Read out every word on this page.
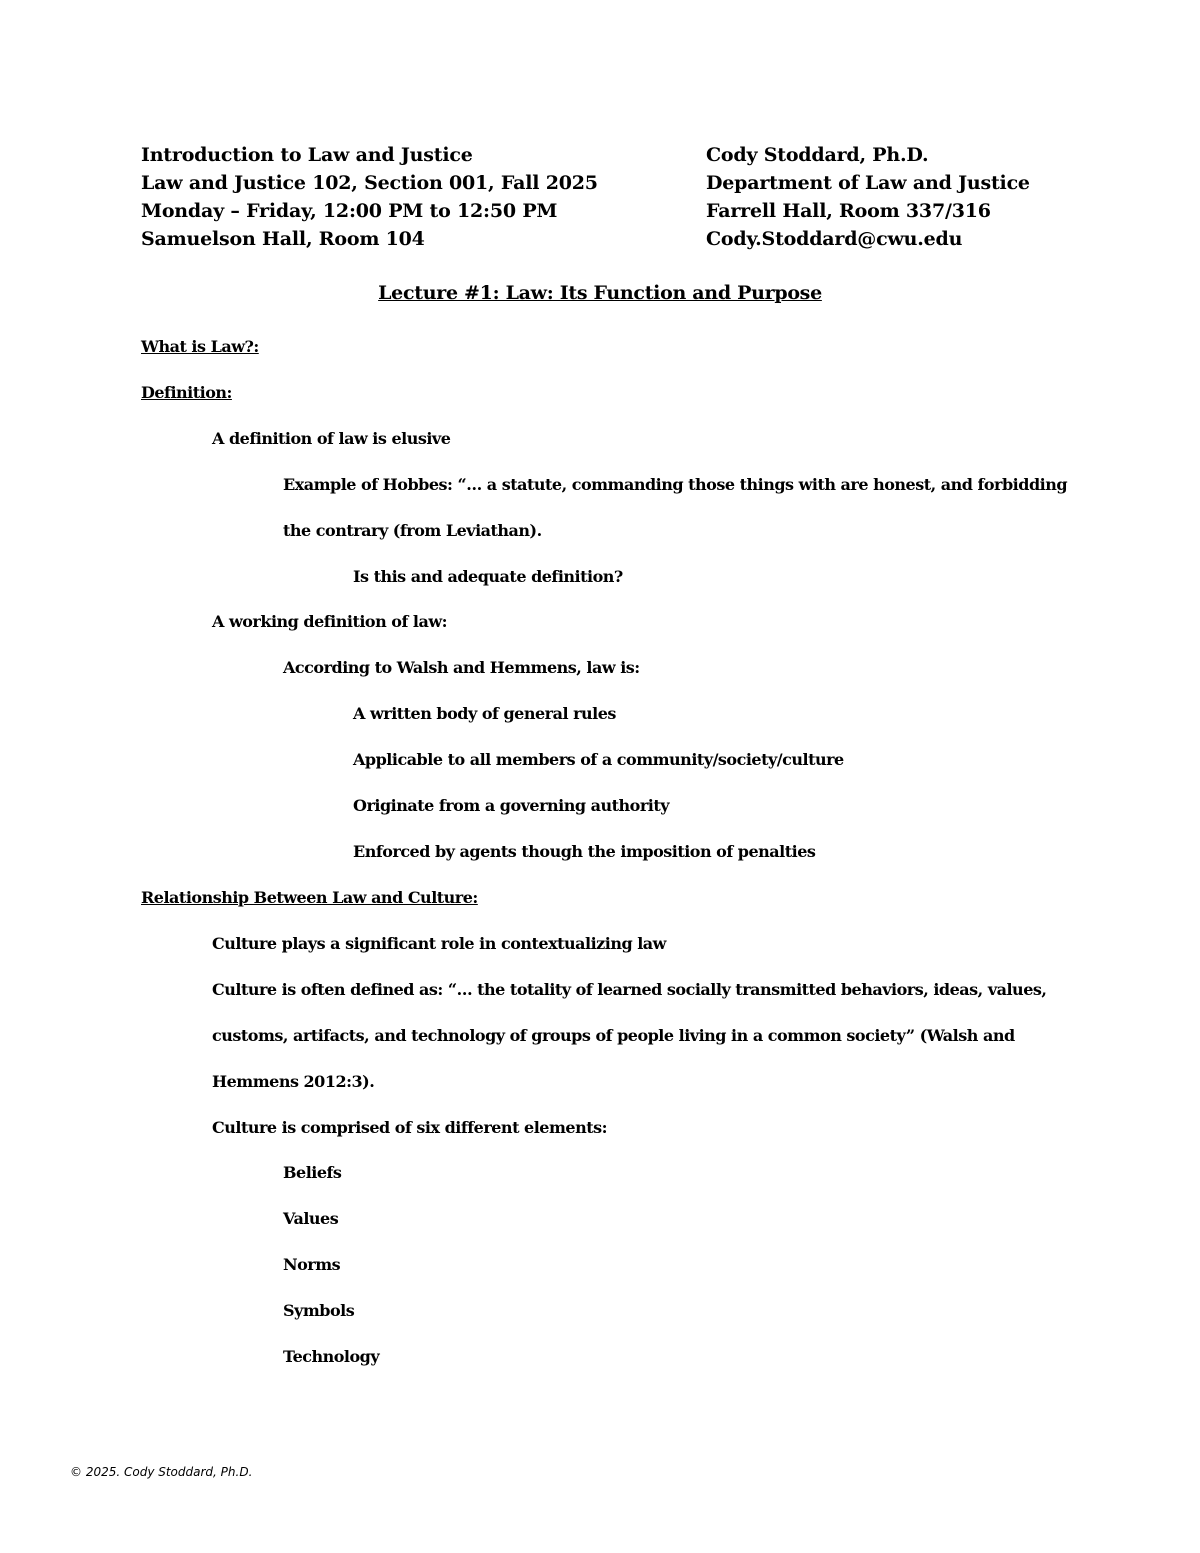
Introduction to Law and Justice
Law and Justice 102, Section 001, Fall 2025
Monday – Friday, 12:00 PM to 12:50 PM
Samuelson Hall, Room 104
Cody Stoddard, Ph.D.
Department of Law and Justice
Farrell Hall, Room 337/316
Cody.Stoddard@cwu.edu
Lecture #1: Law: Its Function and Purpose
What is Law?:
Definition:
A definition of law is elusive
Example of Hobbes: “… a statute, commanding those things with are honest, and forbidding
the contrary (from Leviathan).
Is this and adequate definition?
A working definition of law:
According to Walsh and Hemmens, law is:
A written body of general rules
Applicable to all members of a community/society/culture
Originate from a governing authority
Enforced by agents though the imposition of penalties
Relationship Between Law and Culture:
Culture plays a significant role in contextualizing law
Culture is often defined as: “… the totality of learned socially transmitted behaviors, ideas, values,
customs, artifacts, and technology of groups of people living in a common society” (Walsh and
Hemmens 2012:3).
Culture is comprised of six different elements:
Beliefs
Values
Norms
Symbols
Technology
© 2025. Cody Stoddard, Ph.D.
